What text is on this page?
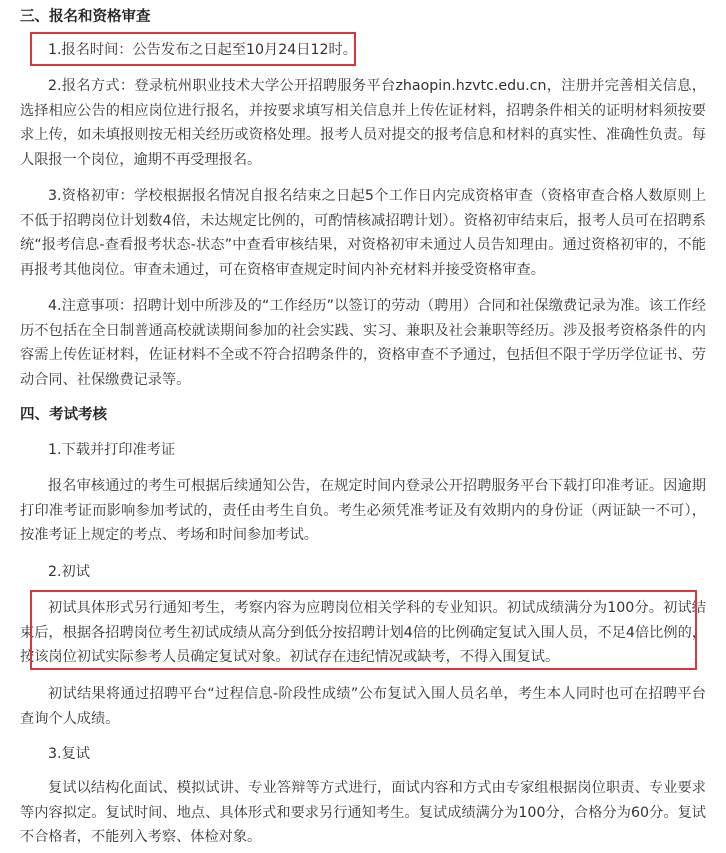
三、报名和资格审查
1.报名时间：公告发布之日起至10月24日12时。
2.报名方式：登录杭州职业技术大学公开招聘服务平台zhaopin.hzvtc.edu.cn，注册并完善相关信息，选择相应公告的相应岗位进行报名，并按要求填写相关信息并上传佐证材料，招聘条件相关的证明材料须按要求上传，如未填报则按无相关经历或资格处理。报考人员对提交的报考信息和材料的真实性、准确性负责。每人限报一个岗位，逾期不再受理报名。
3.资格初审：学校根据报名情况自报名结束之日起5个工作日内完成资格审查（资格审查合格人数原则上不低于招聘岗位计划数4倍，未达规定比例的，可酌情核减招聘计划）。资格初审结束后，报考人员可在招聘系统“报考信息-查看报考状态-状态”中查看审核结果，对资格初审未通过人员告知理由。通过资格初审的，不能再报考其他岗位。审查未通过，可在资格审查规定时间内补充材料并接受资格审查。
4.注意事项：招聘计划中所涉及的“工作经历”以签订的劳动（聘用）合同和社保缴费记录为准。该工作经历不包括在全日制普通高校就读期间参加的社会实践、实习、兼职及社会兼职等经历。涉及报考资格条件的内容需上传佐证材料，佐证材料不全或不符合招聘条件的，资格审查不予通过，包括但不限于学历学位证书、劳动合同、社保缴费记录等。
四、考试考核
1.下载并打印准考证
报名审核通过的考生可根据后续通知公告，在规定时间内登录公开招聘服务平台下载打印准考证。因逾期打印准考证而影响参加考试的，责任由考生自负。考生必须凭准考证及有效期内的身份证（两证缺一不可），按准考证上规定的考点、考场和时间参加考试。
2.初试
初试具体形式另行通知考生，考察内容为应聘岗位相关学科的专业知识。初试成绩满分为100分。初试结束后，根据各招聘岗位考生初试成绩从高分到低分按招聘计划4倍的比例确定复试入围人员，不足4倍比例的，按该岗位初试实际参考人员确定复试对象。初试存在违纪情况或缺考，不得入围复试。
初试结果将通过招聘平台“过程信息-阶段性成绩”公布复试入围人员名单，考生本人同时也可在招聘平台查询个人成绩。
3.复试
复试以结构化面试、模拟试讲、专业答辩等方式进行，面试内容和方式由专家组根据岗位职责、专业要求等内容拟定。复试时间、地点、具体形式和要求另行通知考生。复试成绩满分为100分，合格分为60分。复试不合格者，不能列入考察、体检对象。
